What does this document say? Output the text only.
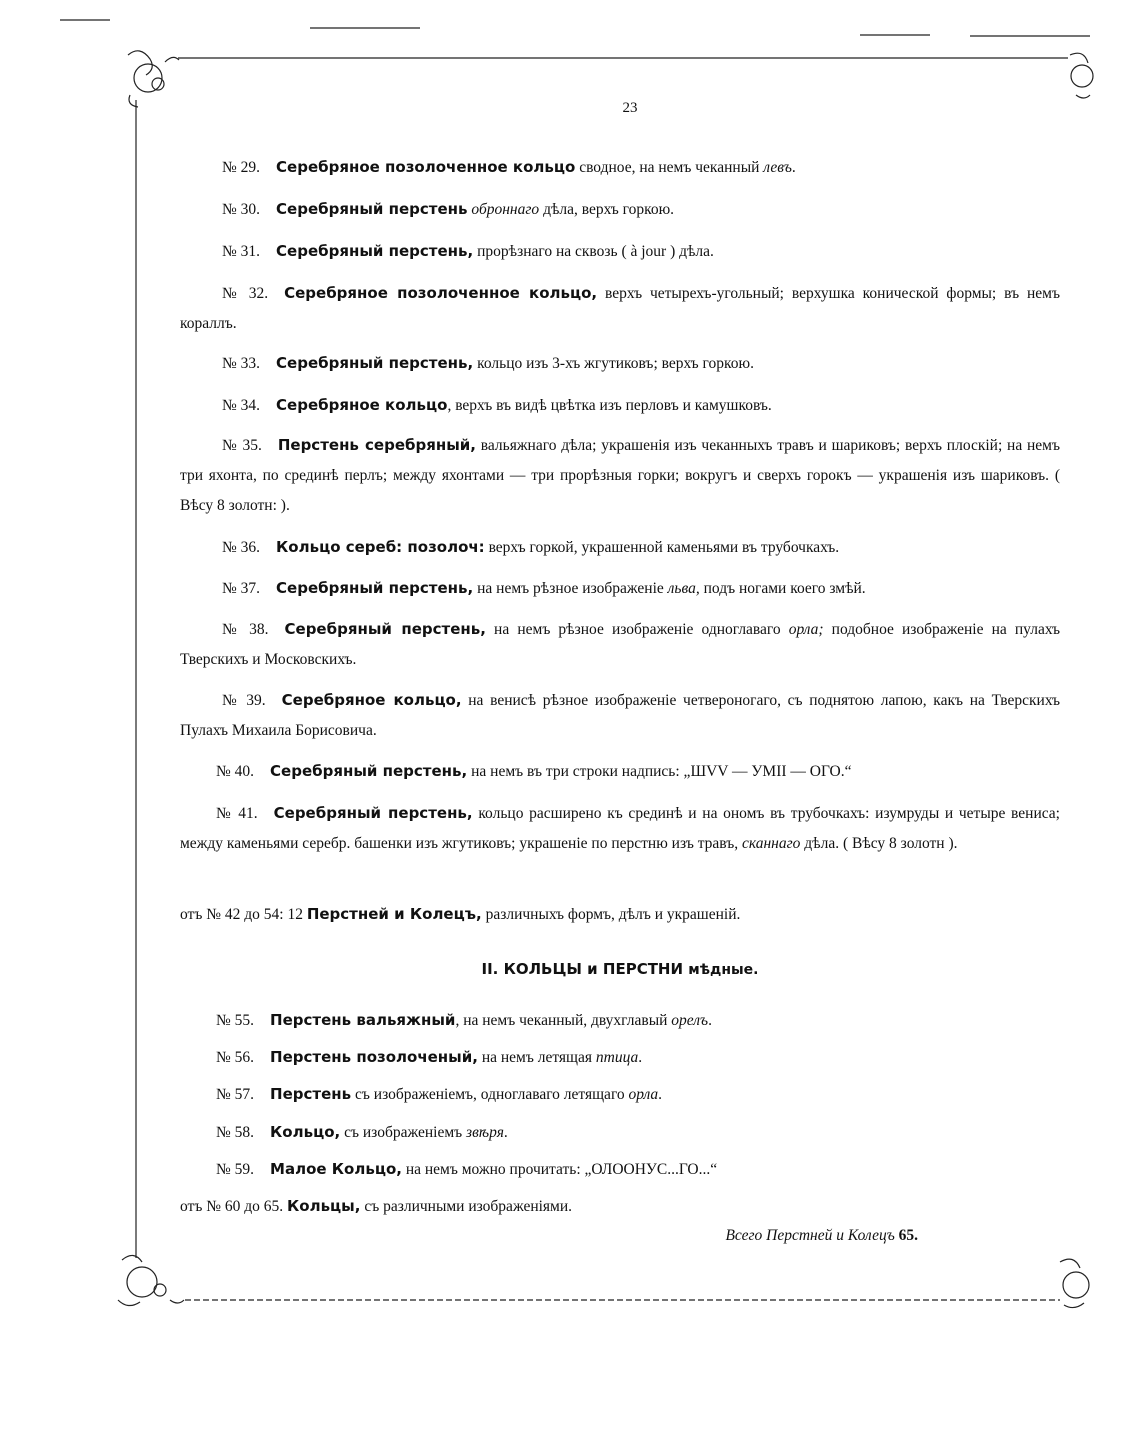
23
№ 29. Серебряное позолоченное кольцо сводное, на немъ чеканный левъ.
№ 30. Серебряный перстень оброннаго дѣла, верхъ горкою.
№ 31. Серебряный перстень, прорѣзнаго на сквозь ( à jour ) дѣла.
№ 32. Серебряное позолоченное кольцо, верхъ четырехъ-угольный; верхушка конической формы; въ немъ кораллъ.
№ 33. Серебряный перстень, кольцо изъ 3-хъ жгутиковъ; верхъ горкою.
№ 34. Серебряное кольцо, верхъ въ видѣ цвѣтка изъ перловъ и камушковъ.
№ 35. Перстень серебряный, вальяжнаго дѣла; украшенія изъ чеканныхъ травъ и шариковъ; верхъ плоскій; на немъ три яхонта, по срединѣ перлъ; между яхонтами — три прорѣзныя горки; вокругъ и сверхъ горокъ — украшенія изъ шариковъ. ( Вѣсу 8 золотн: ).
№ 36. Кольцо сереб: позолоч: верхъ горкой, украшенной каменьями въ трубочкахъ.
№ 37. Серебряный перстень, на немъ рѣзное изображеніе льва, подъ ногами коего змѣй.
№ 38. Серебряный перстень, на немъ рѣзное изображеніе одноглаваго орла; подобное изображеніе на пулахъ Тверскихъ и Московскихъ.
№ 39. Серебряное кольцо, на венисѣ рѣзное изображеніе четвероногаго, съ поднятою лапою, какъ на Тверскихъ Пулахъ Михаила Борисовича.
№ 40. Серебряный перстень, на немъ въ три строки надпись: „ШVV — УМII — ОГО.“
№ 41. Серебряный перстень, кольцо расширено къ срединѣ и на ономъ въ трубочкахъ: изумруды и четыре вениса; между каменьями серебр. башенки изъ жгутиковъ; украшеніе по перстню изъ травъ, сканнаго дѣла. ( Вѣсу 8 золотн ).
отъ № 42 до 54: 12 Перстней и Колецъ, различныхъ формъ, дѣлъ и украшеній.
II. КОЛЬЦЫ и ПЕРСТНИ мѣдные.
№ 55. Перстень вальяжный, на немъ чеканный, двухглавый орелъ.
№ 56. Перстень позолоченый, на немъ летящая птица.
№ 57. Перстень съ изображеніемъ, одноглаваго летящаго орла.
№ 58. Кольцо, съ изображеніемъ звѣря.
№ 59. Малое Кольцо, на немъ можно прочитать: „ОЛООНУС...ГО...“
отъ № 60 до 65. Кольцы, съ различными изображеніями.
Всего Перстней и Колецъ 65.
